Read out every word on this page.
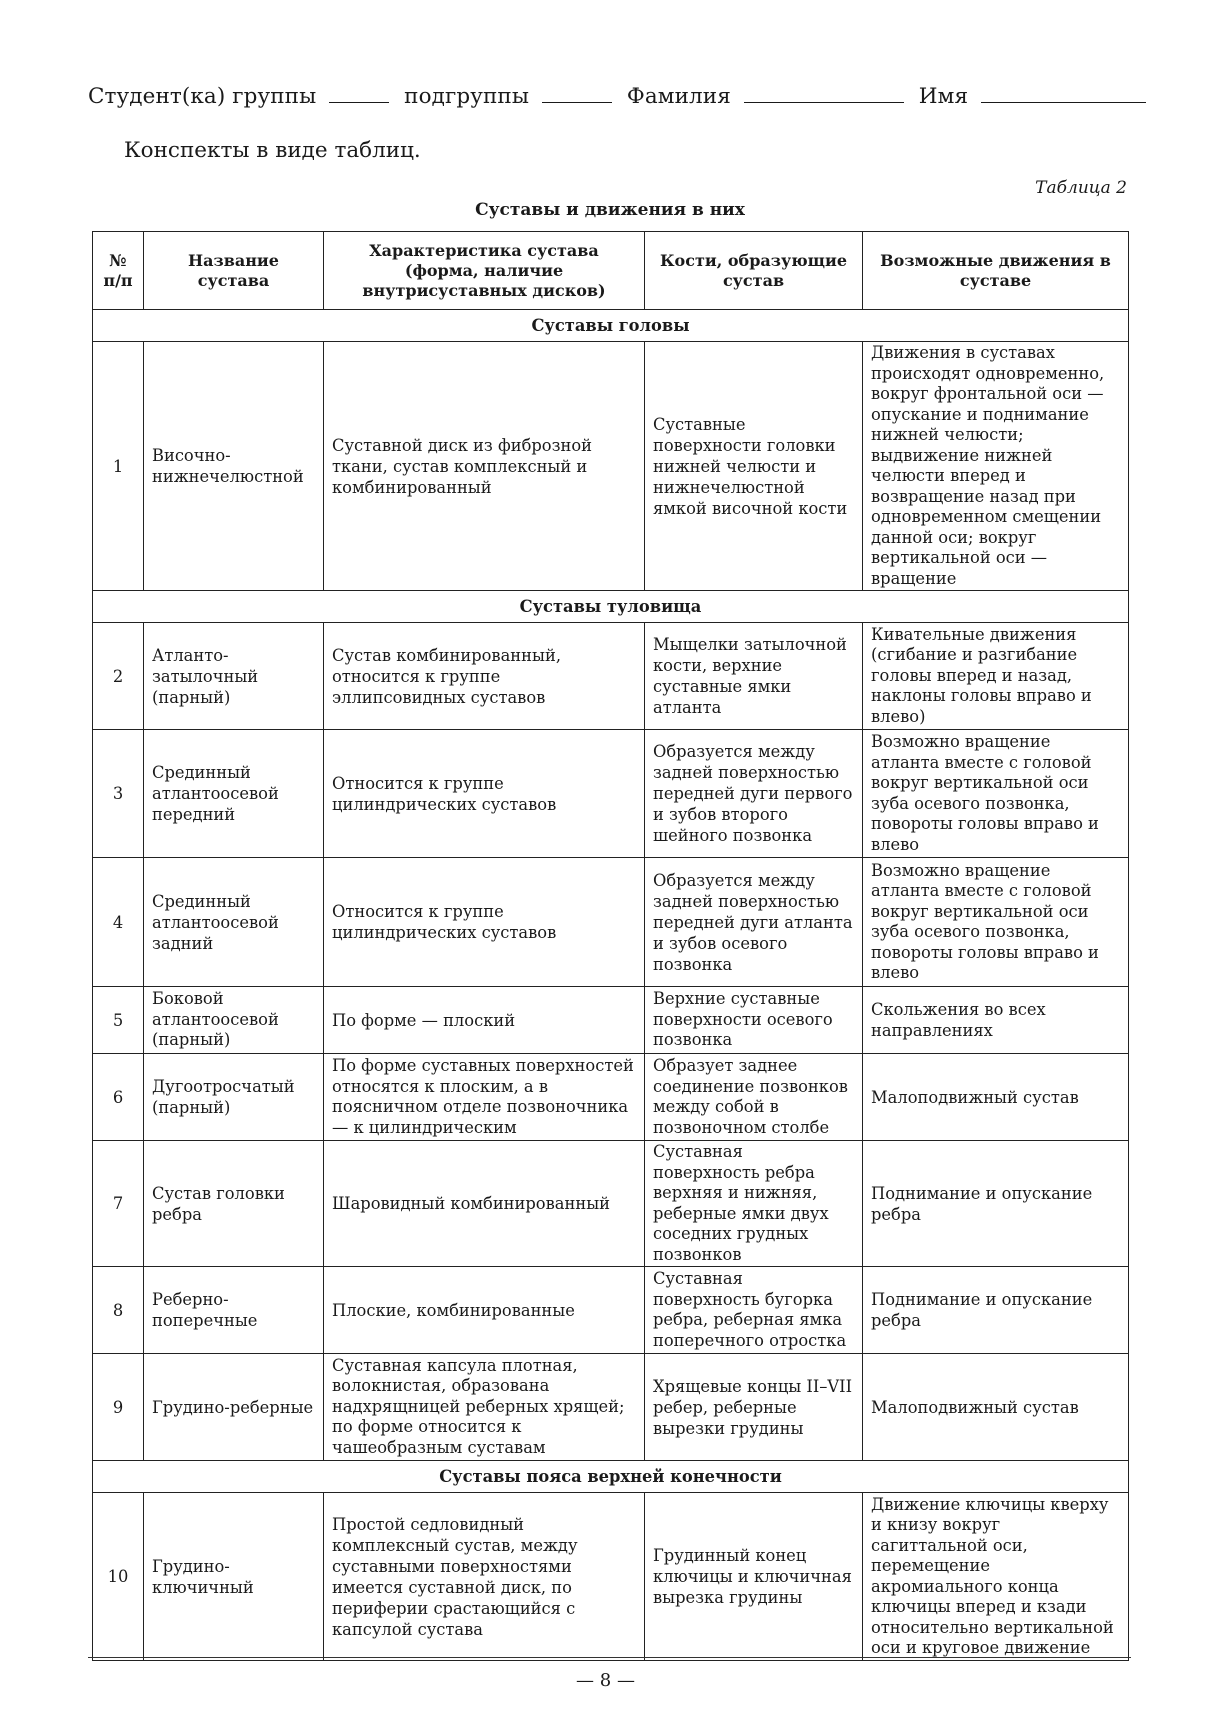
Студент(ка) группы	подгруппы	Фамилия	Имя
Конспекты в виде таблиц.
Таблица 2
Суставы и движения в них
№ п/п	Название сустава	Характеристика сустава (форма, наличие внутрисуставных дисков)	Кости, образующие сустав	Возможные движения в суставе
Суставы головы				
1	Височно-нижнечелюстной	Суставной диск из фиброзной ткани, сустав комплексный и комбинированный	Суставные поверхности головки нижней челюсти и нижнечелюстной ямкой височной кости	Движения в суставах происходят одновременно, вокруг фронтальной оси — опускание и поднимание нижней челюсти; выдвижение нижней челюсти вперед и возвращение назад при одновременном смещении данной оси; вокруг вертикальной оси — вращение
Суставы туловища				
2	Атланто-затылочный (парный)	Сустав комбинированный, относится к группе эллипсовидных суставов	Мыщелки затылочной кости, верхние суставные ямки атланта	Кивательные движения (сгибание и разгибание головы вперед и назад, наклоны головы вправо и влево)
3	Срединный атлантоосевой передний	Относится к группе цилиндрических суставов	Образуется между задней поверхностью передней дуги первого и зубов второго шейного позвонка	Возможно вращение атланта вместе с головой вокруг вертикальной оси зуба осевого позвонка, повороты головы вправо и влево
4	Срединный атлантоосевой задний	Относится к группе цилиндрических суставов	Образуется между задней поверхностью передней дуги атланта и зубов осевого позвонка	Возможно вращение атланта вместе с головой вокруг вертикальной оси зуба осевого позвонка, повороты головы вправо и влево
5	Боковой атлантоосевой (парный)	По форме — плоский	Верхние суставные поверхности осевого позвонка	Скольжения во всех направлениях
6	Дугоотросчатый (парный)	По форме суставных поверхностей относятся к плоским, а в поясничном отделе позвоночника — к цилиндрическим	Образует заднее соединение позвонков между собой в позвоночном столбе	Малоподвижный сустав
7	Сустав головки ребра	Шаровидный комбинированный	Суставная поверхность ребра верхняя и нижняя, реберные ямки двух соседних грудных позвонков	Поднимание и опускание ребра
8	Реберно-поперечные	Плоские, комбинированные	Суставная поверхность бугорка ребра, реберная ямка поперечного отростка	Поднимание и опускание ребра
9	Грудино-реберные	Суставная капсула плотная, волокнистая, образована надхрящницей реберных хрящей; по форме относится к чашеобразным суставам	Хрящевые концы II–VII ребер, реберные вырезки грудины	Малоподвижный сустав
Суставы пояса верхней конечности				
10	Грудино-ключичный	Простой седловидный комплексный сустав, между суставными поверхностями имеется суставной диск, по периферии срастающийся с капсулой сустава	Грудинный конец ключицы и ключичная вырезка грудины	Движение ключицы кверху и книзу вокруг сагиттальной оси, перемещение акромиального конца ключицы вперед и кзади относительно вертикальной оси и круговое движение
— 8 —
